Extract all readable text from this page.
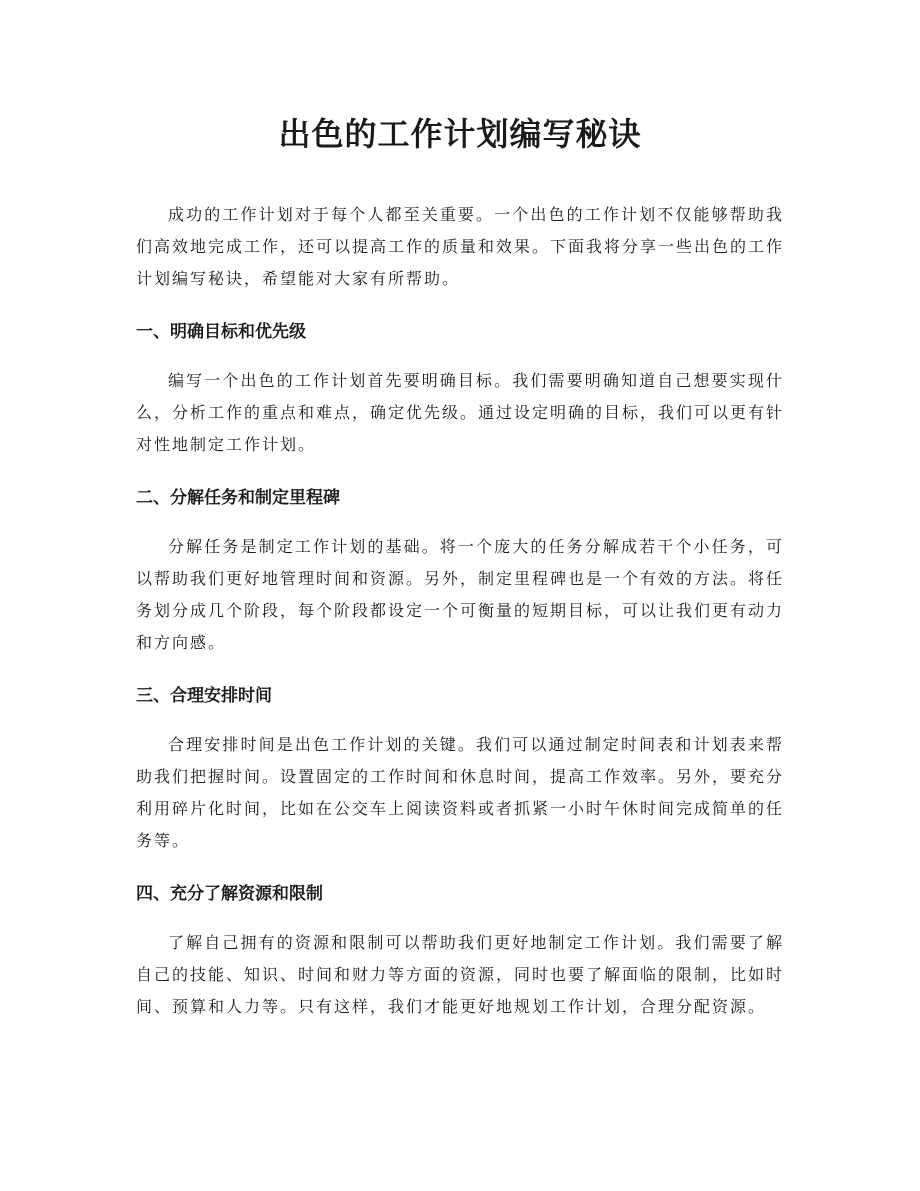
出色的工作计划编写秘诀

成功的工作计划对于每个人都至关重要。一个出色的工作计划不仅能够帮助我们高效地完成工作，还可以提高工作的质量和效果。下面我将分享一些出色的工作计划编写秘诀，希望能对大家有所帮助。

一、明确目标和优先级

编写一个出色的工作计划首先要明确目标。我们需要明确知道自己想要实现什么，分析工作的重点和难点，确定优先级。通过设定明确的目标，我们可以更有针对性地制定工作计划。

二、分解任务和制定里程碑

分解任务是制定工作计划的基础。将一个庞大的任务分解成若干个小任务，可以帮助我们更好地管理时间和资源。另外，制定里程碑也是一个有效的方法。将任务划分成几个阶段，每个阶段都设定一个可衡量的短期目标，可以让我们更有动力和方向感。

三、合理安排时间

合理安排时间是出色工作计划的关键。我们可以通过制定时间表和计划表来帮助我们把握时间。设置固定的工作时间和休息时间，提高工作效率。另外，要充分利用碎片化时间，比如在公交车上阅读资料或者抓紧一小时午休时间完成简单的任务等。

四、充分了解资源和限制

了解自己拥有的资源和限制可以帮助我们更好地制定工作计划。我们需要了解自己的技能、知识、时间和财力等方面的资源，同时也要了解面临的限制，比如时间、预算和人力等。只有这样，我们才能更好地规划工作计划，合理分配资源。
